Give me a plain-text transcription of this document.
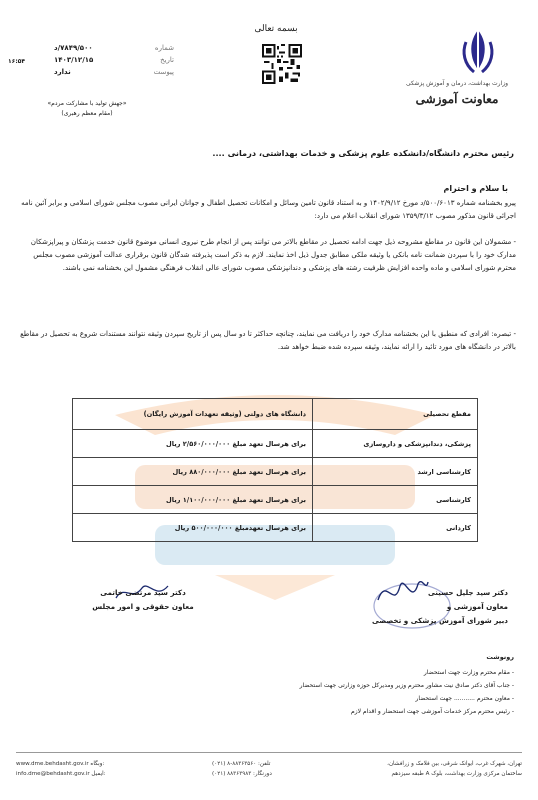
وزارت بهداشت، درمان و آموزش پزشکی
معاونت آموزشی
بسمه تعالی
شماره
۷۸۴۹/۵۰۰/د
تاریخ
۱۴۰۳/۱۲/۱۵
پیوست
ندارد
۱۶:۵۴
«جهش تولید با مشارکت مردم»
(مقام معظم رهبری)
رئیس محترم دانشگاه/دانشکده علوم پزشکی و خدمات بهداشتی، درمانی ....
با سلام و احترام
پیرو بخشنامه شماره ۵۰۰/۶۰۱۳/د مورخ ۱۴۰۲/۹/۱۲ و به استناد قانون تامین وسائل و امکانات تحصیل اطفال و جوانان ایرانی مصوب مجلس شورای اسلامی و برابر آئین نامه اجرائی قانون مذکور مصوب ۱۳۵۹/۳/۱۲ شورای انقلاب اعلام می دارد:
- مشمولان این قانون در مقاطع مشروحه ذیل جهت ادامه تحصیل در مقاطع بالاتر می توانند پس از انجام طرح نیروی انسانی موضوع قانون خدمت پزشکان و پیراپزشکان مدارک خود را با سپردن ضمانت نامه بانکی یا وثیقه ملکی مطابق جدول ذیل اخذ نمایند. لازم به ذکر است پذیرفته شدگان قانون برقراری عدالت آموزشی مصوب مجلس محترم شورای اسلامی و ماده واحده افزایش ظرفیت رشته های پزشکی و دندانپزشکی مصوب شورای عالی انقلاب فرهنگی مشمول این بخشنامه نمی باشند.
- تبصره: افرادی که منطبق با این بخشنامه مدارک خود را دریافت می نمایند، چنانچه حداکثر تا دو سال پس از تاریخ سپردن وثیقه نتوانند مستندات شروع به تحصیل در مقاطع بالاتر در دانشگاه های مورد تائید را ارائه نمایند، وثیقه سپرده شده ضبط خواهد شد.
مقطع تحصیلی	دانشگاه های دولتی (وثیقه تعهدات آموزش رایگان)
پزشکی، دندانپزشکی و داروسازی	برای هرسال تعهد مبلغ ۲/۵۶۰/۰۰۰/۰۰۰ ریال
کارشناسی ارشد	برای هرسال تعهد مبلغ ۸۸۰/۰۰۰/۰۰۰ ریال
کارشناسی	برای هرسال تعهد مبلغ ۱/۱۰۰/۰۰۰/۰۰۰ ریال
کاردانی	برای هرسال تعهدمبلغ ۵۰۰/۰۰۰/۰۰۰ ریال
دکتر سید جلیل حسینی
معاون آموزشی و
دبیر شورای آموزش پزشکی و تخصصی
دکتر سید مرتضی خاتمی
معاون حقوقی و امور مجلس
رونوشت
- مقام محترم وزارت جهت استحضار
- جناب آقای دکتر صادق نیت مشاور محترم وزیر ومدیرکل حوزه وزارتی جهت استحضار
- معاون محترم ........... جهت استحضار
- رئیس محترم مرکز خدمات آموزشی جهت استحضار و اقدام لازم
تهران، شهرک غرب، ایوانک شرقی، بین فلامک و زرافشان،
ساختمان مرکزی وزارت بهداشت، بلوک A طبقه سیزدهم
تلفن: ۸۸۳۶۳۵۶۰-۸ (۰۲۱)
دورنگار: ۸۸۳۶۳۹۸۳ (۰۲۱)
www.dme.behdasht.gov.ir وبگاه:
info.dme@behdasht.gov.ir ایمیل:
